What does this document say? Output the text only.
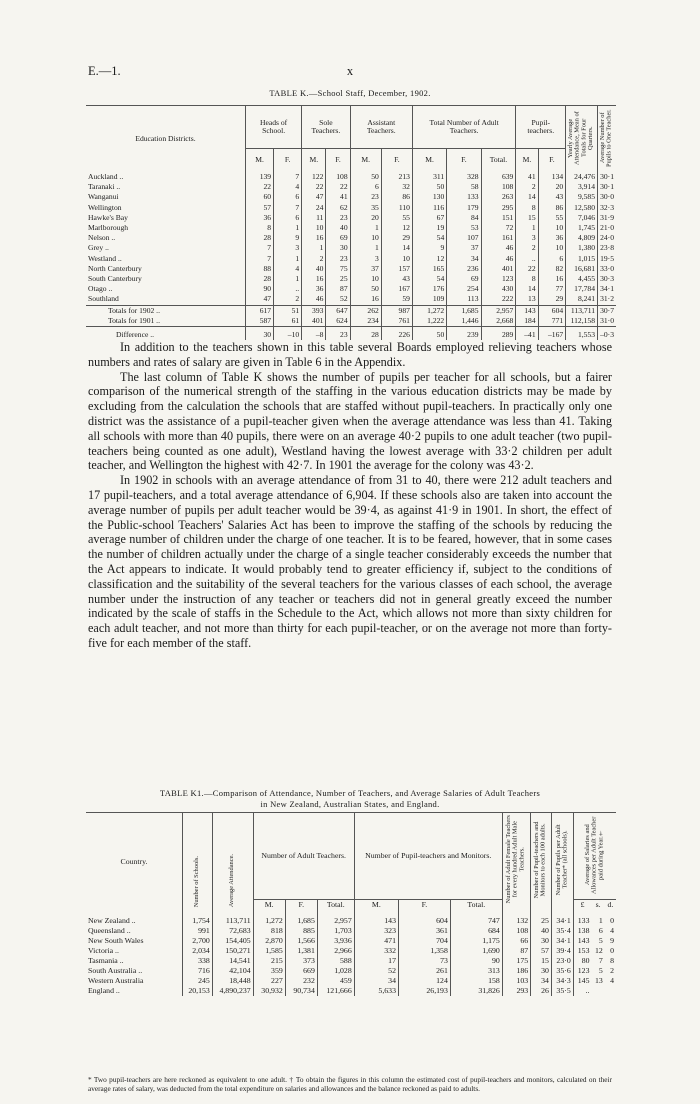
E.—1.	x
TABLE K.—School Staff, December, 1902.
Education Districts.	Heads of School.		Sole Teachers.		Assistant Teachers.		Total Number of Adult Teachers.			Pupil-teachers.		Yearly Average Attendance, Mean of Totals for Four Quarters.	Average Number of Pupils to One Teacher.
	M.	F.	M.	F.	M.	F.	M.	F.	Total.	M.	F.		
Auckland ..	139	7	122	108	50	213	311	328	639	41	134	24,476	30·1
Taranaki ..	22	4	22	22	6	32	50	58	108	2	20	3,914	30·1
Wanganui	60	6	47	41	23	86	130	133	263	14	43	9,585	30·0
Wellington	57	7	24	62	35	110	116	179	295	8	86	12,580	32·3
Hawke's Bay	36	6	11	23	20	55	67	84	151	15	55	7,046	31·9
Marlborough	8	1	10	40	1	12	19	53	72	1	10	1,745	21·0
Nelson ..	28	9	16	69	10	29	54	107	161	3	36	4,809	24·0
Grey ..	7	3	1	30	1	14	9	37	46	2	10	1,380	23·8
Westland ..	7	1	2	23	3	10	12	34	46	..	6	1,015	19·5
North Canterbury	88	4	40	75	37	157	165	236	401	22	82	16,681	33·0
South Canterbury	28	1	16	25	10	43	54	69	123	8	16	4,455	30·3
Otago ..	90	..	36	87	50	167	176	254	430	14	77	17,784	34·1
Southland	47	2	46	52	16	59	109	113	222	13	29	8,241	31·2
Totals for 1902 ..	617	51	393	647	262	987	1,272	1,685	2,957	143	604	113,711	30·7
Totals for 1901 ..	587	61	401	624	234	761	1,222	1,446	2,668	184	771	112,158	31·0
Difference ..	30	–10	–8	23	28	226	50	239	289	–41	–167	1,553	–0·3

In addition to the teachers shown in this table several Boards employed relieving teachers whose numbers and rates of salary are given in Table 6 in the Appendix.

The last column of Table K shows the number of pupils per teacher for all schools, but a fairer comparison of the numerical strength of the staffing in the various education districts may be made by excluding from the calculation the schools that are staffed without pupil-teachers. In practically only one district was the assistance of a pupil-teacher given when the average attendance was less than 41. Taking all schools with more than 40 pupils, there were on an average 40·2 pupils to one adult teacher (two pupil-teachers being counted as one adult), Westland having the lowest average with 33·2 children per adult teacher, and Wellington the highest with 42·7. In 1901 the average for the colony was 43·2.

In 1902 in schools with an average attendance of from 31 to 40, there were 212 adult teachers and 17 pupil-teachers, and a total average attendance of 6,904. If these schools also are taken into account the average number of pupils per adult teacher would be 39·4, as against 41·9 in 1901. In short, the effect of the Public-school Teachers' Salaries Act has been to improve the staffing of the schools by reducing the average number of children under the charge of one teacher. It is to be feared, however, that in some cases the number of children actually under the charge of a single teacher considerably exceeds the number that the Act appears to indicate. It would probably tend to greater efficiency if, subject to the conditions of classification and the suitability of the several teachers for the various classes of each school, the average number under the instruction of any teacher or teachers did not in general greatly exceed the number indicated by the scale of staffs in the Schedule to the Act, which allows not more than sixty children for each adult teacher, and not more than thirty for each pupil-teacher, or on the average not more than forty-five for each member of the staff.

TABLE K1.—Comparison of Attendance, Number of Teachers, and Average Salaries of Adult Teachers
in New Zealand, Australian States, and England.
Country.	Number of Schools.	Average Attendance.	Number of Adult Teachers.			Number of Pupil-teachers and Monitors.			Number of Adult Female Teachers for every hundred Adult Male Teachers.	Number of Pupil-teachers and Monitors to each 100 adults.	Number of Pupils per Adult Teacher* (all schools).	Average of Salaries and Allowances per Adult Teacher paid during Year.†		
			M.	F.	Total.	M.	F.	Total.				£	s.	d.
New Zealand ..	1,754	113,711	1,272	1,685	2,957	143	604	747	132	25	34·1	133	1	0
Queensland ..	991	72,683	818	885	1,703	323	361	684	108	40	35·4	138	6	4
New South Wales	2,700	154,405	2,870	1,566	3,936	471	704	1,175	66	30	34·1	143	5	9
Victoria ..	2,034	150,271	1,585	1,381	2,966	332	1,358	1,690	87	57	39·4	153	12	0
Tasmania ..	338	14,541	215	373	588	17	73	90	175	15	23·0	80	7	8
South Australia ..	716	42,104	359	669	1,028	52	261	313	186	30	35·6	123	5	2
Western Australia	245	18,448	227	232	459	34	124	158	103	34	34·3	145	13	4
England ..	20,153	4,890,237	30,932	90,734	121,666	5,633	26,193	31,826	293	26	35·5	..		
* Two pupil-teachers are here reckoned as equivalent to one adult. † To obtain the figures in this column the estimated cost of pupil-teachers and monitors, calculated on their average rates of salary, was deducted from the total expenditure on salaries and allowances and the balance reckoned as paid to adults.
